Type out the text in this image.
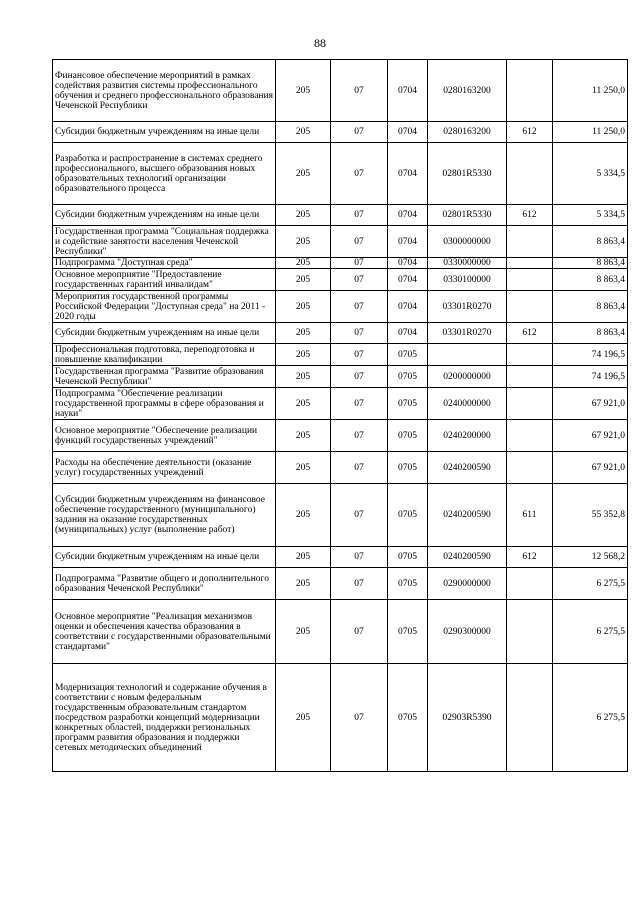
88
Финансовое обеспечение мероприятий в рамках содействия развития системы профессионального обучения и среднего профессионального образования Чеченской Республики	205	07	0704	0280163200		11 250,0
Субсидии бюджетным учреждениям на иные цели	205	07	0704	0280163200	612	11 250,0
Разработка и распространение в системах среднего профессионального, высшего образования новых образовательных технологий организации образовательного процесса	205	07	0704	02801R5330		5 334,5
Субсидии бюджетным учреждениям на иные цели	205	07	0704	02801R5330	612	5 334,5
Государственная программа "Социальная поддержка и содействие занятости населения Чеченской Республики"	205	07	0704	0300000000		8 863,4
Подпрограмма "Доступная среда"	205	07	0704	0330000000		8 863,4
Основное мероприятие "Предоставление государственных гарантий инвалидам"	205	07	0704	0330100000		8 863,4
Мероприятия государственной программы Российской Федерации "Доступная среда" на 2011 - 2020 годы	205	07	0704	03301R0270		8 863,4
Субсидии бюджетным учреждениям на иные цели	205	07	0704	03301R0270	612	8 863,4
Профессиональная подготовка, переподготовка и повышение квалификации	205	07	0705			74 196,5
Государственная программа "Развитие образования Чеченской Республики"	205	07	0705	0200000000		74 196,5
Подпрограмма "Обеспечение реализации государственной программы в сфере образования и науки"	205	07	0705	0240000000		67 921,0
Основное мероприятие "Обеспечение реализации функций государственных учреждений"	205	07	0705	0240200000		67 921,0
Расходы на обеспечение деятельности (оказание услуг) государственных учреждений	205	07	0705	0240200590		67 921,0
Субсидии бюджетным учреждениям на финансовое обеспечение государственного (муниципального) задания на оказание государственных (муниципальных) услуг (выполнение работ)	205	07	0705	0240200590	611	55 352,8
Субсидии бюджетным учреждениям на иные цели	205	07	0705	0240200590	612	12 568,2
Подпрограмма "Развитие общего и дополнительного образования Чеченской Республики"	205	07	0705	0290000000		6 275,5
Основное мероприятие "Реализация механизмов оценки и обеспечения качества образования в соответствии с государственными образовательными стандартами"	205	07	0705	0290300000		6 275,5
Модернизация технологий и содержание обучения в соответствии с новым федеральным государственным образовательным стандартом посредством разработки концепций модернизации конкретных областей, поддержки региональных программ развития образования и поддержки сетевых методических объединений	205	07	0705	02903R5390		6 275,5
